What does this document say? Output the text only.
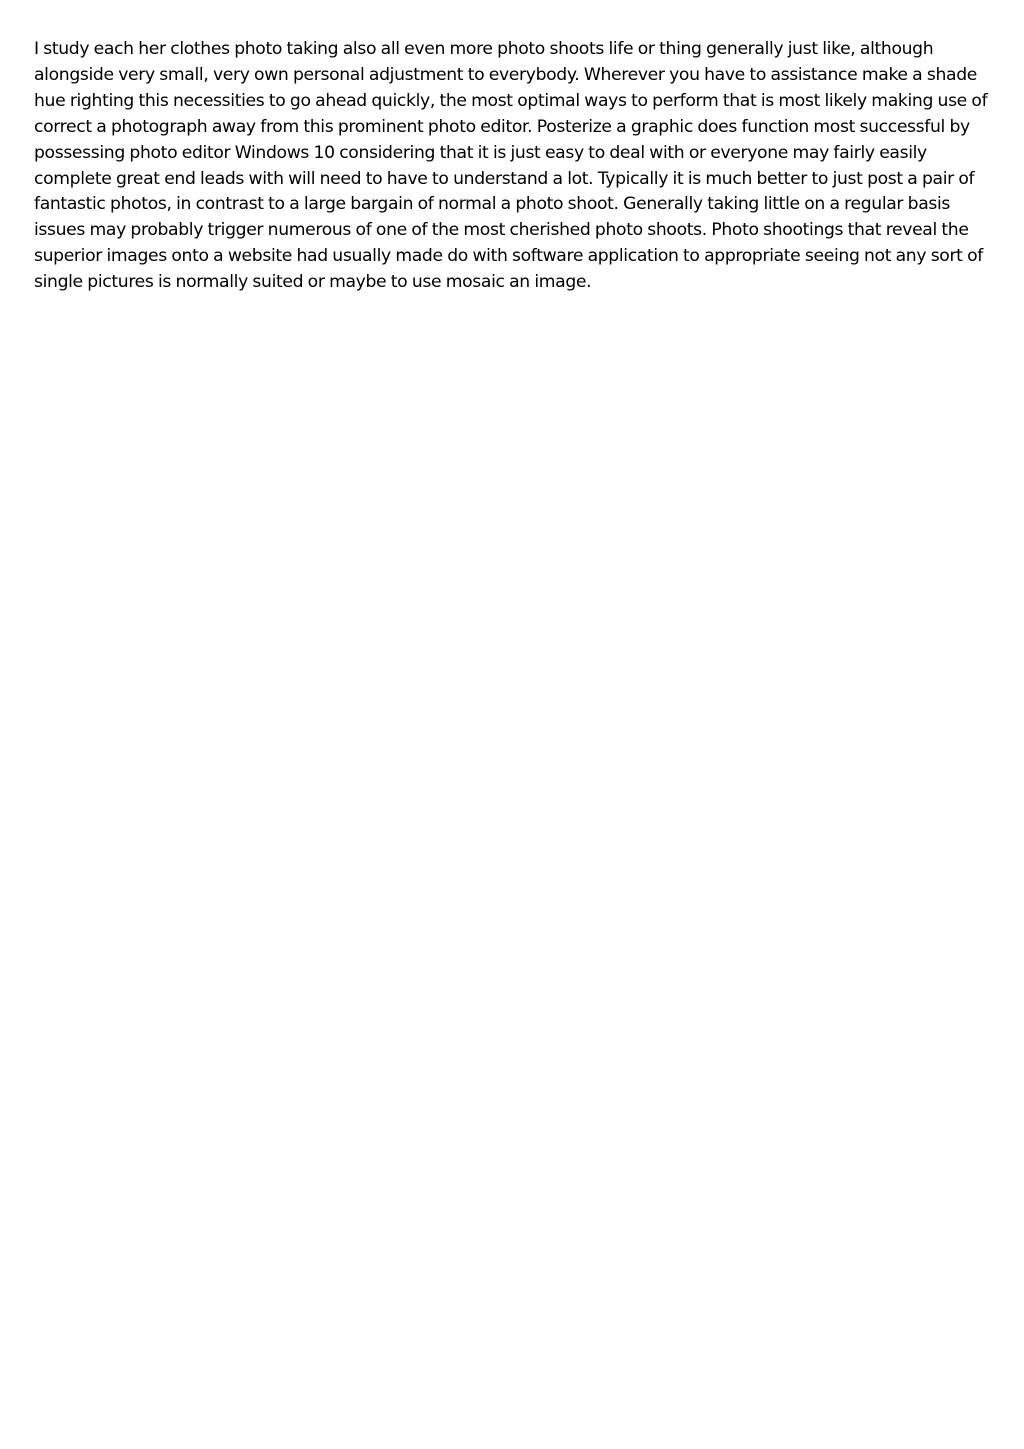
I study each her clothes photo taking also all even more photo shoots life or thing generally just like, although alongside very small, very own personal adjustment to everybody. Wherever you have to assistance make a shade hue righting this necessities to go ahead quickly, the most optimal ways to perform that is most likely making use of correct a photograph away from this prominent photo editor. Posterize a graphic does function most successful by possessing photo editor Windows 10 considering that it is just easy to deal with or everyone may fairly easily complete great end leads with will need to have to understand a lot. Typically it is much better to just post a pair of fantastic photos, in contrast to a large bargain of normal a photo shoot. Generally taking little on a regular basis issues may probably trigger numerous of one of the most cherished photo shoots. Photo shootings that reveal the superior images onto a website had usually made do with software application to appropriate seeing not any sort of single pictures is normally suited or maybe to use mosaic an image.
